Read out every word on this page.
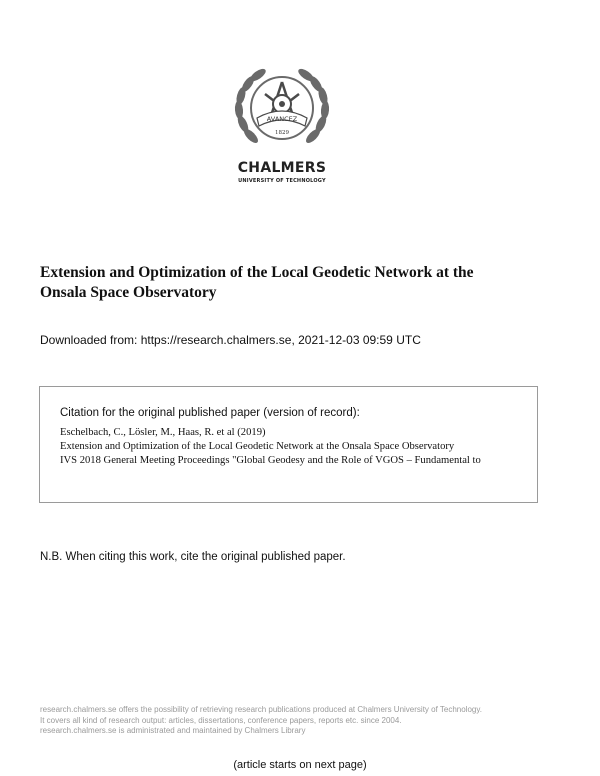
AVANCEZ
1829
CHALMERS
UNIVERSITY OF TECHNOLOGY
Extension and Optimization of the Local Geodetic Network at the
Onsala Space Observatory
Downloaded from: https://research.chalmers.se, 2021-12-03 09:59 UTC
Citation for the original published paper (version of record):
Eschelbach, C., Lösler, M., Haas, R. et al (2019)
Extension and Optimization of the Local Geodetic Network at the Onsala Space Observatory
IVS 2018 General Meeting Proceedings "Global Geodesy and the Role of VGOS – Fundamental to
N.B. When citing this work, cite the original published paper.
research.chalmers.se offers the possibility of retrieving research publications produced at Chalmers University of Technology.
It covers all kind of research output: articles, dissertations, conference papers, reports etc. since 2004.
research.chalmers.se is administrated and maintained by Chalmers Library
(article starts on next page)
